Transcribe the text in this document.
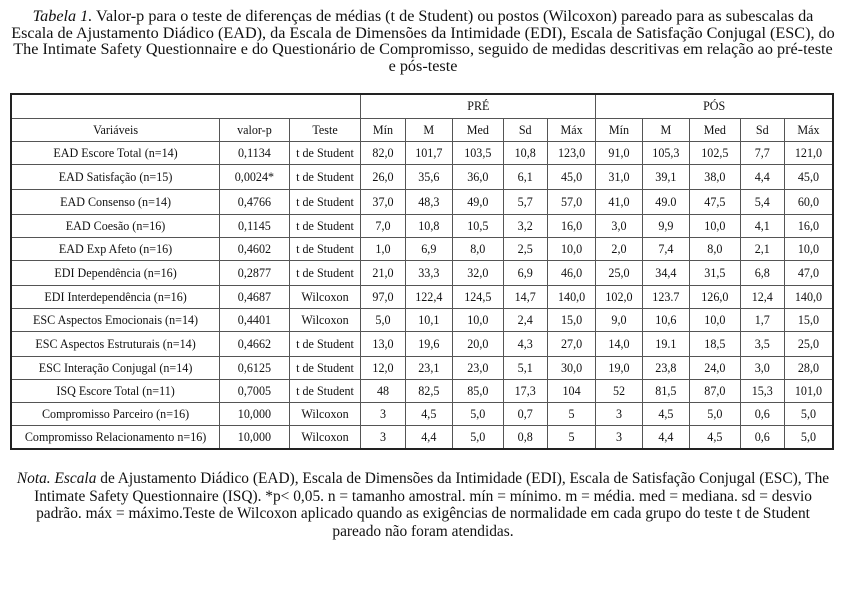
Tabela 1. Valor-p para o teste de diferenças de médias (t de Student) ou postos (Wilcoxon) pareado para as subescalas da Escala de Ajustamento Diádico (EAD), da Escala de Dimensões da Intimidade (EDI), Escala de Satisfação Conjugal (ESC), do The Intimate Safety Questionnaire e do Questionário de Compromisso, seguido de medidas descritivas em relação ao pré-teste e pós-teste
			PRÉ					PÓS				
Variáveis	valor-p	Teste	Mín	M	Med	Sd	Máx	Mín	M	Med	Sd	Máx
EAD Escore Total (n=14)	0,1134	t de Student	82,0	101,7	103,5	10,8	123,0	91,0	105,3	102,5	7,7	121,0
EAD Satisfação (n=15)	0,0024*	t de Student	26,0	35,6	36,0	6,1	45,0	31,0	39,1	38,0	4,4	45,0
EAD Consenso (n=14)	0,4766	t de Student	37,0	48,3	49,0	5,7	57,0	41,0	49.0	47,5	5,4	60,0
EAD Coesão (n=16)	0,1145	t de Student	7,0	10,8	10,5	3,2	16,0	3,0	9,9	10,0	4,1	16,0
EAD Exp Afeto (n=16)	0,4602	t de Student	1,0	6,9	8,0	2,5	10,0	2,0	7,4	8,0	2,1	10,0
EDI Dependência (n=16)	0,2877	t de Student	21,0	33,3	32,0	6,9	46,0	25,0	34,4	31,5	6,8	47,0
EDI Interdependência (n=16)	0,4687	Wilcoxon	97,0	122,4	124,5	14,7	140,0	102,0	123.7	126,0	12,4	140,0
ESC Aspectos Emocionais (n=14)	0,4401	Wilcoxon	5,0	10,1	10,0	2,4	15,0	9,0	10,6	10,0	1,7	15,0
ESC Aspectos Estruturais (n=14)	0,4662	t de Student	13,0	19,6	20,0	4,3	27,0	14,0	19.1	18,5	3,5	25,0
ESC Interação Conjugal (n=14)	0,6125	t de Student	12,0	23,1	23,0	5,1	30,0	19,0	23,8	24,0	3,0	28,0
ISQ Escore Total (n=11)	0,7005	t de Student	48	82,5	85,0	17,3	104	52	81,5	87,0	15,3	101,0
Compromisso Parceiro (n=16)	10,000	Wilcoxon	3	4,5	5,0	0,7	5	3	4,5	5,0	0,6	5,0
Compromisso Relacionamento n=16)	10,000	Wilcoxon	3	4,4	5,0	0,8	5	3	4,4	4,5	0,6	5,0
Nota. Escala de Ajustamento Diádico (EAD), Escala de Dimensões da Intimidade (EDI), Escala de Satisfação Conjugal (ESC), The Intimate Safety Questionnaire (ISQ). *p< 0,05. n = tamanho amostral. mín = mínimo. m = média. med = mediana. sd = desvio padrão. máx = máximo.Teste de Wilcoxon aplicado quando as exigências de normalidade em cada grupo do teste t de Student pareado não foram atendidas.
